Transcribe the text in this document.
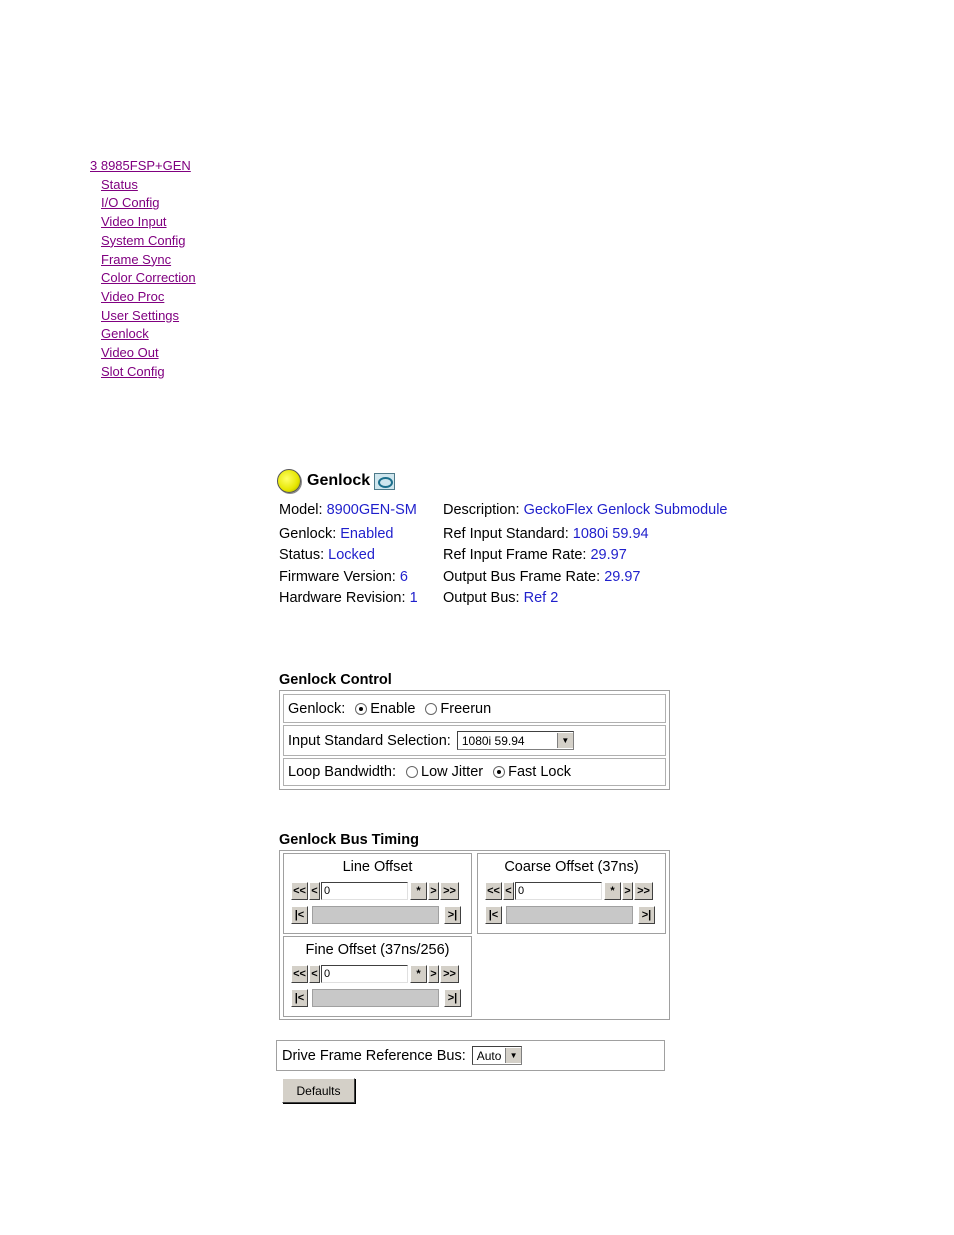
3 8985FSP+GEN
Status
I/O Config
Video Input
System Config
Frame Sync
Color Correction
Video Proc
User Settings
Genlock
Video Out
Slot Config
Genlock
Model: 8900GEN-SM
Genlock: Enabled
Status: Locked
Firmware Version: 6
Hardware Revision: 1
Description: GeckoFlex Genlock Submodule
Ref Input Standard: 1080i 59.94
Ref Input Frame Rate: 29.97
Output Bus Frame Rate: 29.97
Output Bus: Ref 2
Genlock Control
Genlock: Enable Freerun
Input Standard Selection: 1080i 59.94	▼
Loop Bandwidth: Low Jitter Fast Lock
Genlock Bus Timing
Line Offset
<< < 0	* > >>
|<	>|
Coarse Offset (37ns)
<< < 0	* > >>
|<	>|
Fine Offset (37ns/256)
<< < 0	* > >>
|<	>|
Drive Frame Reference Bus: Auto	▼
Defaults
